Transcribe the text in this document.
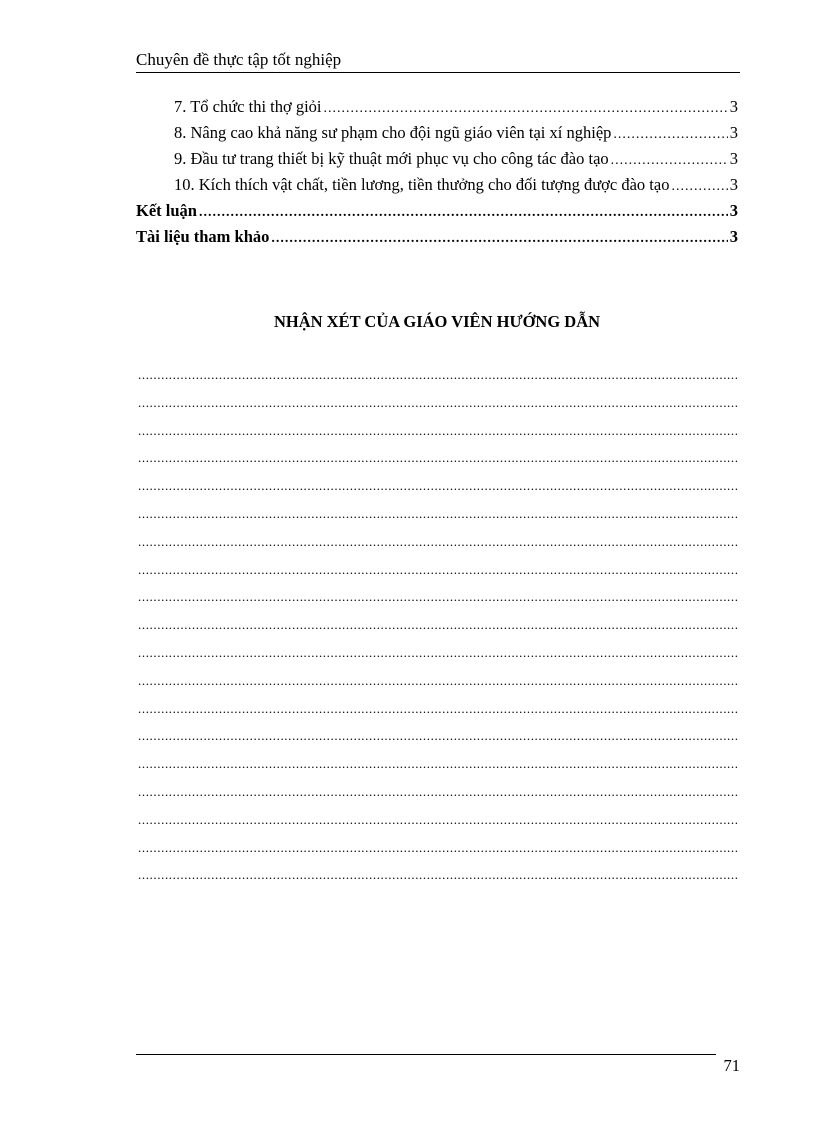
Chuyên đề thực tập tốt nghiệp
7. Tổ chức thi thợ giỏi .....	3
8. Nâng cao khả năng sư phạm cho đội ngũ giáo viên tại xí nghiệp .....	3
9. Đầu tư trang thiết bị kỹ thuật mới phục vụ cho công tác đào tạo .....	3
10. Kích thích vật chất, tiền lương, tiền thưởng cho đối tượng được đào tạo .....	3
Kết luận .....	3
Tài liệu tham khảo .....	3
NHẬN XÉT CỦA GIÁO VIÊN HƯỚNG DẪN
.....
.....
.....
.....
.....
.....
.....
.....
.....
.....
.....
.....
.....
.....
.....
.....
.....
.....
.....
71
